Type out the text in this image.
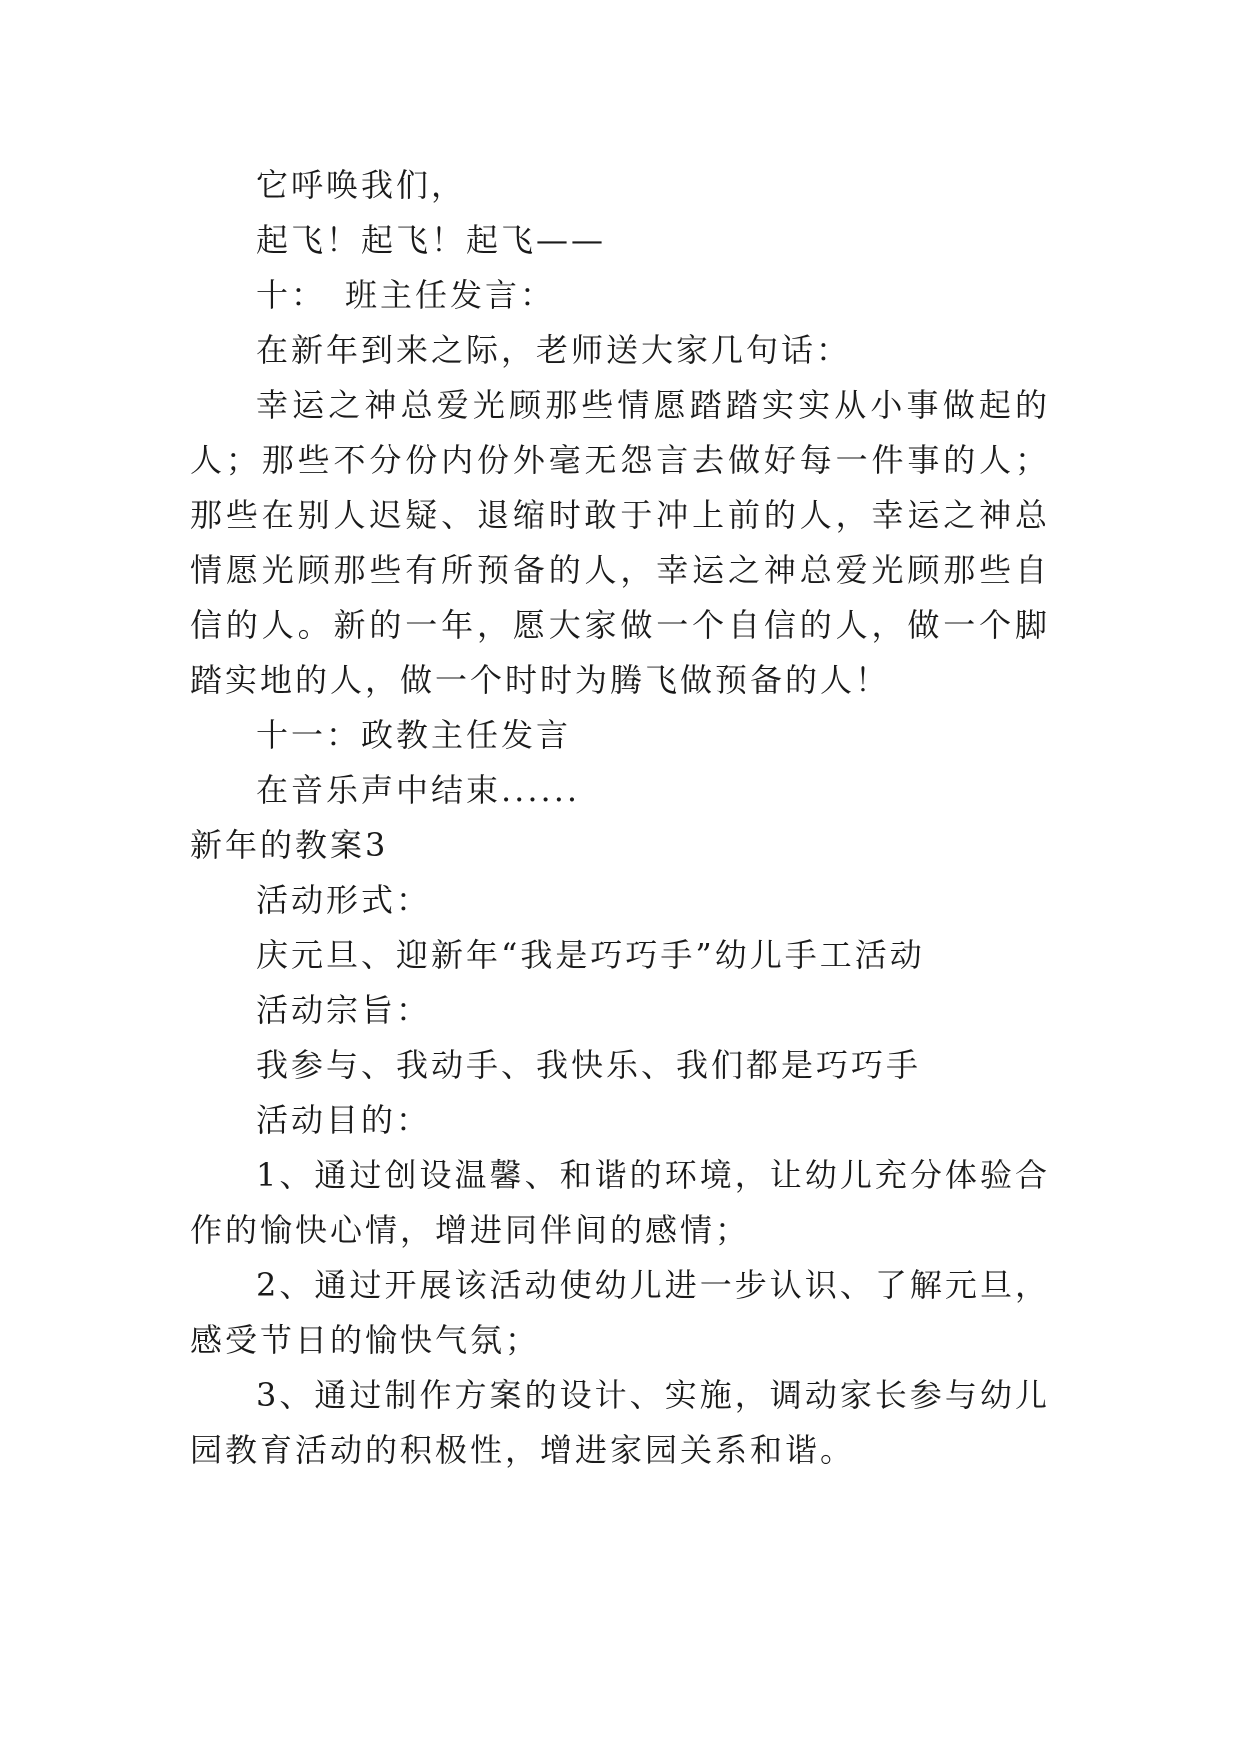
它呼唤我们，
起飞！起飞！起飞——
十：　班主任发言：
在新年到来之际，老师送大家几句话：
幸运之神总爱光顾那些情愿踏踏实实从小事做起的人；那些不分份内份外毫无怨言去做好每一件事的人；那些在别人迟疑、退缩时敢于冲上前的人，幸运之神总情愿光顾那些有所预备的人，幸运之神总爱光顾那些自信的人。新的一年，愿大家做一个自信的人，做一个脚踏实地的人，做一个时时为腾飞做预备的人！
十一：政教主任发言
在音乐声中结束......
新年的教案3
活动形式：
庆元旦、迎新年“我是巧巧手”幼儿手工活动
活动宗旨：
我参与、我动手、我快乐、我们都是巧巧手
活动目的：
1、通过创设温馨、和谐的环境，让幼儿充分体验合作的愉快心情，增进同伴间的感情；
2、通过开展该活动使幼儿进一步认识、了解元旦，感受节日的愉快气氛；
3、通过制作方案的设计、实施，调动家长参与幼儿园教育活动的积极性，增进家园关系和谐。
